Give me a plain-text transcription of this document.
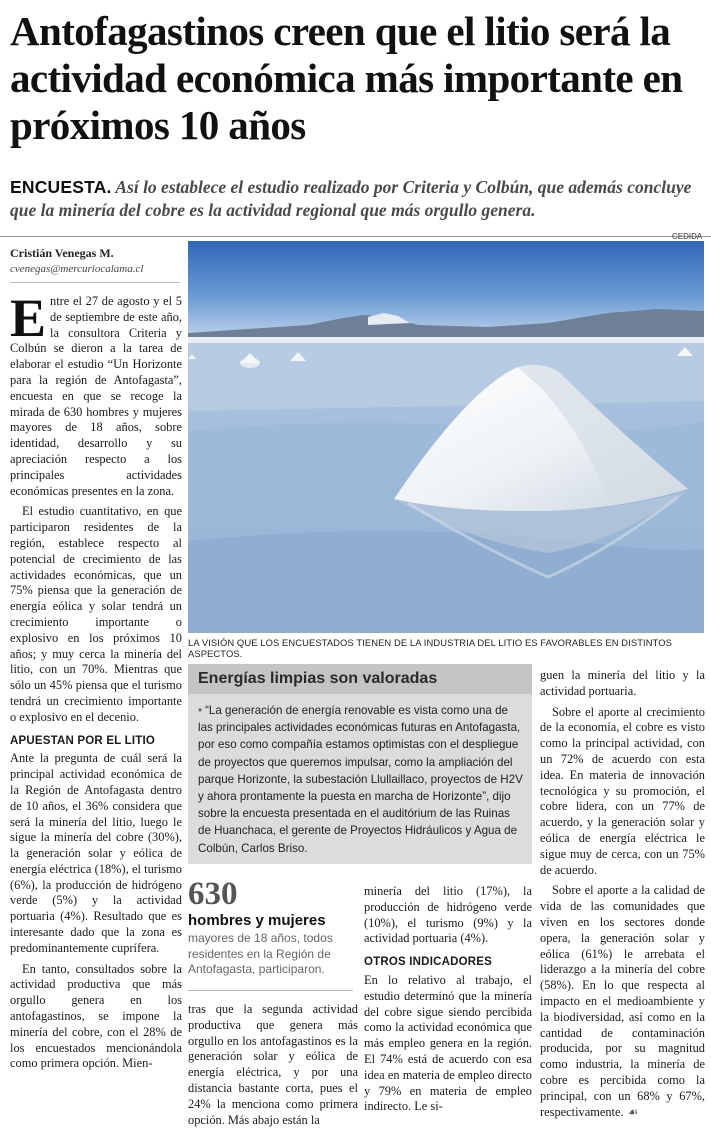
Antofagastinos creen que el litio será la actividad económica más importante en próximos 10 años
ENCUESTA. Así lo establece el estudio realizado por Criteria y Colbún, que además concluye que la minería del cobre es la actividad regional que más orgullo genera.
CEDIDA
Cristián Venegas M.
cvenegas@mercuriocalama.cl
E ntre el 27 de agosto y el 5 de septiembre de este año, la consultora Criteria y Colbún se dieron a la tarea de elaborar el estudio “Un Horizonte para la región de Antofagasta”, encuesta en que se recoge la mirada de 630 hombres y mujeres mayores de 18 años, sobre identidad, desarrollo y su apreciación respecto a los principales actividades económicas presentes en la zona.

El estudio cuantitativo, en que participaron residentes de la región, establece respecto al potencial de crecimiento de las actividades económicas, que un 75% piensa que la generación de energía eólica y solar tendrá un crecimiento importante o explosivo en los próximos 10 años; y muy cerca la minería del litio, con un 70%. Mientras que sólo un 45% piensa que el turismo tendrá un crecimiento importante o explosivo en el decenio.

APUESTAN POR EL LITIO

Ante la pregunta de cuál será la principal actividad económica de la Región de Antofagasta dentro de 10 años, el 36% considera que será la minería del litio, luego le sigue la minería del cobre (30%), la generación solar y eólica de energía eléctrica (18%), el turismo (6%), la producción de hidrógeno verde (5%) y la actividad portuaria (4%). Resultado que es interesante dado que la zona es predominantemente cuprífera.

En tanto, consultados sobre la actividad productiva que más orgullo genera en los antofagastinos, se impone la minería del cobre, con el 28% de los encuestados mencionándola como primera opción. Mien-

LA VISIÓN QUE LOS ENCUESTADOS TIENEN DE LA INDUSTRIA DEL LITIO ES FAVORABLES EN DISTINTOS ASPECTOS.
Energías limpias son valoradas
• “La generación de energía renovable es vista como una de las principales actividades económicas futuras en Antofagasta, por eso como compañía estamos optimistas con el despliegue de proyectos que queremos impulsar, como la ampliación del parque Horizonte, la subestación Llullaillaco, proyectos de H2V y ahora prontamente la puesta en marcha de Horizonte”, dijo sobre la encuesta presentada en el auditórium de las Ruinas de Huanchaca, el gerente de Proyectos Hidráulicos y Agua de Colbún, Carlos Briso.
630
hombres y mujeres
mayores de 18 años, todos residentes en la Región de Antofagasta, participaron.

tras que la segunda actividad productiva que genera más orgullo en los antofagastinos es la generación solar y eólica de energía eléctrica, y por una distancia bastante corta, pues el 24% la menciona como primera opción. Más abajo están la

minería del litio (17%), la producción de hidrógeno verde (10%), el turismo (9%) y la actividad portuaria (4%).

OTROS INDICADORES

En lo relativo al trabajo, el estudio determinó que la minería del cobre sigue siendo percibida como la actividad económica que más empleo genera en la región. El 74% está de acuerdo con esa idea en materia de empleo directo y 79% en materia de empleo indirecto. Le si-

guen la minería del litio y la actividad portuaria.

Sobre el aporte al crecimiento de la economía, el cobre es visto como la principal actividad, con un 72% de acuerdo con esta idea. En materia de innovación tecnológica y su promoción, el cobre lidera, con un 77% de acuerdo, y la generación solar y eólica de energía eléctrica le sigue muy de cerca, con un 75% de acuerdo.

Sobre el aporte a la calidad de vida de las comunidades que viven en los sectores donde opera, la generación solar y eólica (61%) le arrebata el liderazgo a la minería del cobre (58%). En lo que respecta al impacto en el medioambiente y la biodiversidad, así como en la cantidad de contaminación producida, por su magnitud como industria, la minería de cobre es percibida como la principal, con un 68% y 67%, respectivamente. ☙
